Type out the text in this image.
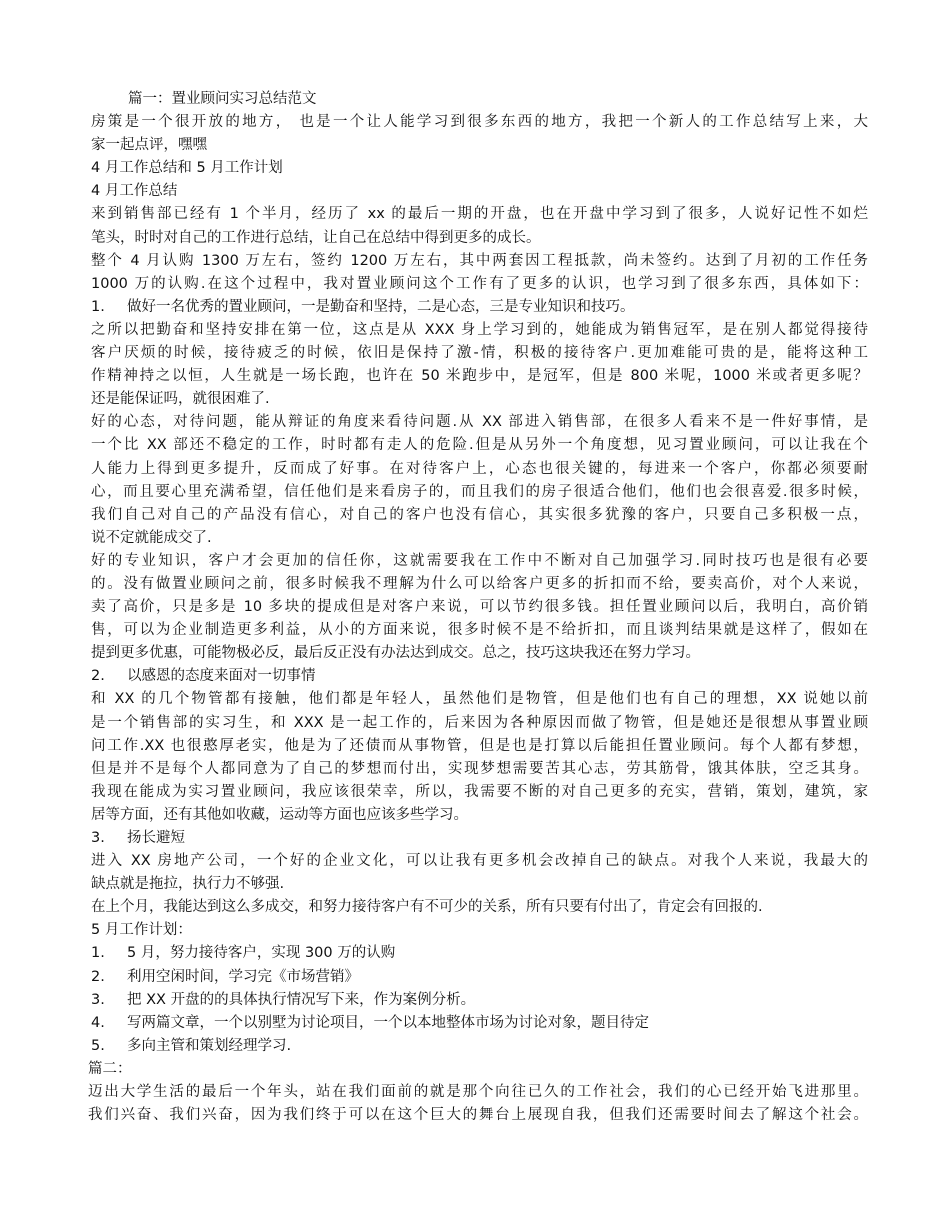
篇一：置业顾问实习总结范文
房策是一个很开放的地方， 也是一个让人能学习到很多东西的地方，我把一个新人的工作总结写上来，大
家一起点评，嘿嘿
4 月工作总结和 5 月工作计划
4 月工作总结
来到销售部已经有 1 个半月，经历了 xx 的最后一期的开盘，也在开盘中学习到了很多，人说好记性不如烂
笔头，时时对自己的工作进行总结，让自己在总结中得到更多的成长。
整个 4 月认购 1300 万左右，签约 1200 万左右，其中两套因工程抵款，尚未签约。达到了月初的工作任务
1000 万的认购.在这个过程中，我对置业顾问这个工作有了更多的认识，也学习到了很多东西，具体如下：
1. 做好一名优秀的置业顾问，一是勤奋和坚持，二是心态，三是专业知识和技巧。
之所以把勤奋和坚持安排在第一位，这点是从 XXX 身上学习到的，她能成为销售冠军，是在别人都觉得接待
客户厌烦的时候，接待疲乏的时候，依旧是保持了激-情，积极的接待客户.更加难能可贵的是，能将这种工
作精神持之以恒，人生就是一场长跑，也许在 50 米跑步中，是冠军，但是 800 米呢，1000 米或者更多呢？
还是能保证吗，就很困难了.
好的心态，对待问题，能从辩证的角度来看待问题.从 XX 部进入销售部，在很多人看来不是一件好事情，是
一个比 XX 部还不稳定的工作，时时都有走人的危险.但是从另外一个角度想，见习置业顾问，可以让我在个
人能力上得到更多提升，反而成了好事。在对待客户上，心态也很关键的，每进来一个客户，你都必须要耐
心，而且要心里充满希望，信任他们是来看房子的，而且我们的房子很适合他们，他们也会很喜爱.很多时候，
我们自己对自己的产品没有信心，对自己的客户也没有信心，其实很多犹豫的客户，只要自己多积极一点，
说不定就能成交了.
好的专业知识，客户才会更加的信任你，这就需要我在工作中不断对自己加强学习.同时技巧也是很有必要
的。没有做置业顾问之前，很多时候我不理解为什么可以给客户更多的折扣而不给，要卖高价，对个人来说，
卖了高价，只是多是 10 多块的提成但是对客户来说，可以节约很多钱。担任置业顾问以后，我明白，高价销
售，可以为企业制造更多利益，从小的方面来说，很多时候不是不给折扣，而且谈判结果就是这样了，假如在
提到更多优惠，可能物极必反，最后反正没有办法达到成交。总之，技巧这块我还在努力学习。
2. 以感恩的态度来面对一切事情
和 XX 的几个物管都有接触，他们都是年轻人，虽然他们是物管，但是他们也有自己的理想，XX 说她以前
是一个销售部的实习生，和 XXX 是一起工作的，后来因为各种原因而做了物管，但是她还是很想从事置业顾
问工作.XX 也很憨厚老实，他是为了还债而从事物管，但是也是打算以后能担任置业顾问。每个人都有梦想，
但是并不是每个人都同意为了自己的梦想而付出，实现梦想需要苦其心志，劳其筋骨，饿其体肤，空乏其身。
我现在能成为实习置业顾问，我应该很荣幸，所以，我需要不断的对自己更多的充实，营销，策划，建筑，家
居等方面，还有其他如收藏，运动等方面也应该多些学习。
3. 扬长避短
进入 XX 房地产公司，一个好的企业文化，可以让我有更多机会改掉自己的缺点。对我个人来说，我最大的
缺点就是拖拉，执行力不够强.
在上个月，我能达到这么多成交，和努力接待客户有不可少的关系，所有只要有付出了，肯定会有回报的.
5 月工作计划：
1. 5 月，努力接待客户，实现 300 万的认购
2. 利用空闲时间，学习完《市场营销》
3. 把 XX 开盘的的具体执行情况写下来，作为案例分析。
4. 写两篇文章，一个以别墅为讨论项目，一个以本地整体市场为讨论对象，题目待定
5. 多向主管和策划经理学习.
篇二：
迈出大学生活的最后一个年头，站在我们面前的就是那个向往已久的工作社会，我们的心已经开始飞进那里。
我们兴奋、我们兴奋，因为我们终于可以在这个巨大的舞台上展现自我，但我们还需要时间去了解这个社会。
